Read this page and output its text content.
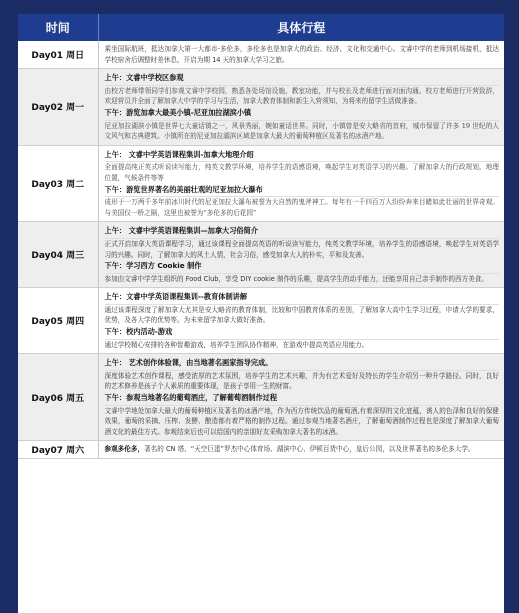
时间	具体行程
Day01 周日	乘坐国际航班，抵达加拿大第一大都市-多伦多，多伦多也是加拿大的政治、经济、文化和交通中心。文睿中学的老师到机场接机，抵达学校宿舍后调整时差休息，开启为期 14 天的加拿大学习之旅。

Day02 周一	上午：文睿中学校区参观

由校方老师带领同学们参观文睿中学校园，熟悉各处场馆设施，教室功能，并与校长及老师进行面对面沟通。校方老师进行开营致辞，欢迎营员并全面了解加拿大中学的学习与生活，加拿大教育体制和新生入营须知，为将来的留学生活做准备。

下午：游览加拿大最美小镇-尼亚加拉湖滨小镇

尼亚加拉湖滨小镇是世界七大童话镇之一，风景秀丽，婉如童话世界。同时，小镇曾是安大略省的首府，城市保留了许多 19 世纪的人文风气和古典建筑。小镇所在的尼亚加拉湖滨区域是加拿大最大的葡萄种植区及著名的冰酒产地。

Day03 周二	上午： 文睿中学英语课程集训-加拿大地理介绍

全面提高纯正英式听说读写能力，纯英文教学环境，培养学生的语感语境，唤起学生对英语学习的兴趣。了解加拿大的行政规划，地理位置，气候条件等等

下午：游览世界著名的美丽壮观的尼亚加拉大瀑布

成形于一万两千多年前冰川时代的尼亚加拉大瀑布被誉为大自然的鬼斧神工。每年有一千四百万人纷纷奔来目睹如此壮丽的世界奇观。与美国仅一桥之隔，这里也被誉为“多伦多的后花园”

Day04 周三	上午： 文睿中学英语课程集训—加拿大习俗简介

正式开启加拿大英语课程学习，通过该课程全面提高英语的听说读写能力，纯英文教学环境，培养学生的语感语境，唤起学生对英语学习的兴趣。同时，了解加拿大的风土人情，社会习俗，感受加拿大人的朴实，平和及友善。

下午：学习西方 Cookie 制作

参加由文睿中学学生组织的 Food Club，享受 DIY cookie 制作的乐趣，提高学生的动手能力，还能享用自己亲手制作的西方美食。

Day05 周四	上午：文睿中学英语课程集训--教育体制讲解

通过该课程深度了解加拿大尤其是安大略省的教育体制，比较和中国教育体系的差别，了解加拿大高中生学习过程，申请大学的要求，优势，及各大学的优势等。为未来留学加拿大做好准备。

下午：校内活动-游戏

通过学校精心安排的各种智趣游戏，培养学生团队协作精神，在游戏中提高英语应用能力。

Day06 周五	上午： 艺术创作体验课，由当地著名画家指导完成。

深度体验艺术创作课程，感受浓厚的艺术氛围，培养学生的艺术兴趣，并为有艺术爱好及特长的学生介绍另一种升学路径。同时，良好的艺术修养是孩子个人素质的重要体现，是孩子享用一生的财富。

下午：参观当地著名的葡萄酒庄，了解葡萄酒制作过程

文睿中学地处加拿大最大的葡萄种植区及著名的冰酒产地，作为西方传统饮品的葡萄酒,有着深厚的文化底蕴，诱人的色泽和良好的保健效果，葡萄的采摘、压榨、发酵、酿造都有着严格的制作过程。通过参观当地著名酒庄，了解葡萄酒制作过程也是深度了解加拿大葡萄酒文化的最佳方式。参观结束后也可以给国内的亲朋好友采购加拿大著名的冰酒。

Day07 周六	参观多伦多，著名的 CN 塔、“天空巨蛋”罗杰中心体育场、湖滨中心、伊顿百货中心，皇后公园，以及世界著名的多伦多大学。
